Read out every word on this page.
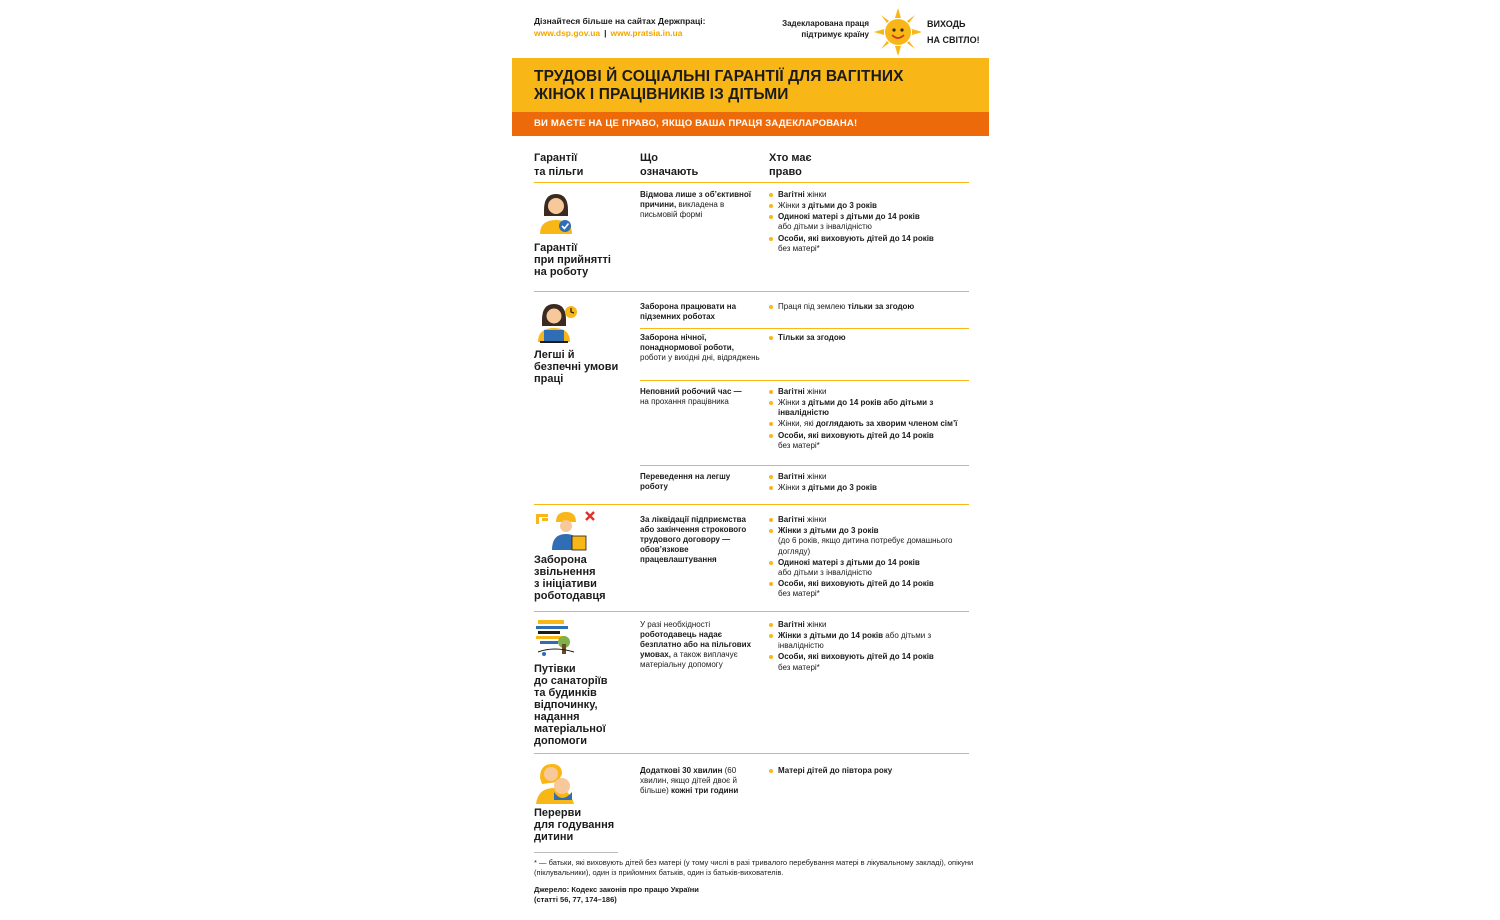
Дізнайтеся більше на сайтах Держпраці:
www.dsp.gov.ua | www.pratsia.in.ua
Задекларована праця
підтримує країну
ВИХОДЬ
НА СВІТЛО!
ТРУДОВІ Й СОЦІАЛЬНІ ГАРАНТІЇ ДЛЯ ВАГІТНИХ
ЖІНОК І ПРАЦІВНИКІВ ІЗ ДІТЬМИ
ВИ МАЄТЕ НА ЦЕ ПРАВО, ЯКЩО ВАША ПРАЦЯ ЗАДЕКЛАРОВАНА!
Гарантії
та пільги
Що
означають
Хто має
право
Гарантії
при прийнятті
на роботу
Відмова лише з об’єктивної причини, викладена в письмовій формі
Вагітні жінки
Жінки з дітьми до 3 років
Одинокі матері з дітьми до 14 років
або дітьми з інвалідністю
Особи, які виховують дітей до 14 років
без матері*
Легші й
безпечні умови
праці
Заборона працювати на підземних роботах
Праця під землею тільки за згодою
Заборона нічної, понаднормової роботи, роботи у вихідні дні, відряджень
Тільки за згодою
Неповний робочий час —
на прохання працівника
Вагітні жінки
Жінки з дітьми до 14 років або дітьми з інвалідністю
Жінки, які доглядають за хворим членом сім’ї
Особи, які виховують дітей до 14 років
без матері*
Переведення на легшу роботу
Вагітні жінки
Жінки з дітьми до 3 років
Заборона
звільнення
з ініціативи
роботодавця
За ліквідації підприємства або закінчення строкового трудового договору — обов’язкове працевлаштування
Вагітні жінки
Жінки з дітьми до 3 років
(до 6 років, якщо дитина потребує домашнього догляду)
Одинокі матері з дітьми до 14 років
або дітьми з інвалідністю
Особи, які виховують дітей до 14 років
без матері*
Путівки
до санаторіїв
та будинків
відпочинку,
надання
матеріальної
допомоги
У разі необхідності роботодавець надає безплатно або на пільгових умовах, а також виплачує матеріальну допомогу
Вагітні жінки
Жінки з дітьми до 14 років або дітьми з інвалідністю
Особи, які виховують дітей до 14 років
без матері*
Перерви
для годування
дитини
Додаткові 30 хвилин (60 хвилин, якщо дітей двоє й більше) кожні три години
Матері дітей до півтора року
* — батьки, які виховують дітей без матері (у тому числі в разі тривалого перебування матері в лікувальному закладі), опікуни (піклувальники), один із прийомних батьків, один із батьків-вихователів.
Джерело: Кодекс законів про працю України
(статті 56, 77, 174–186)
